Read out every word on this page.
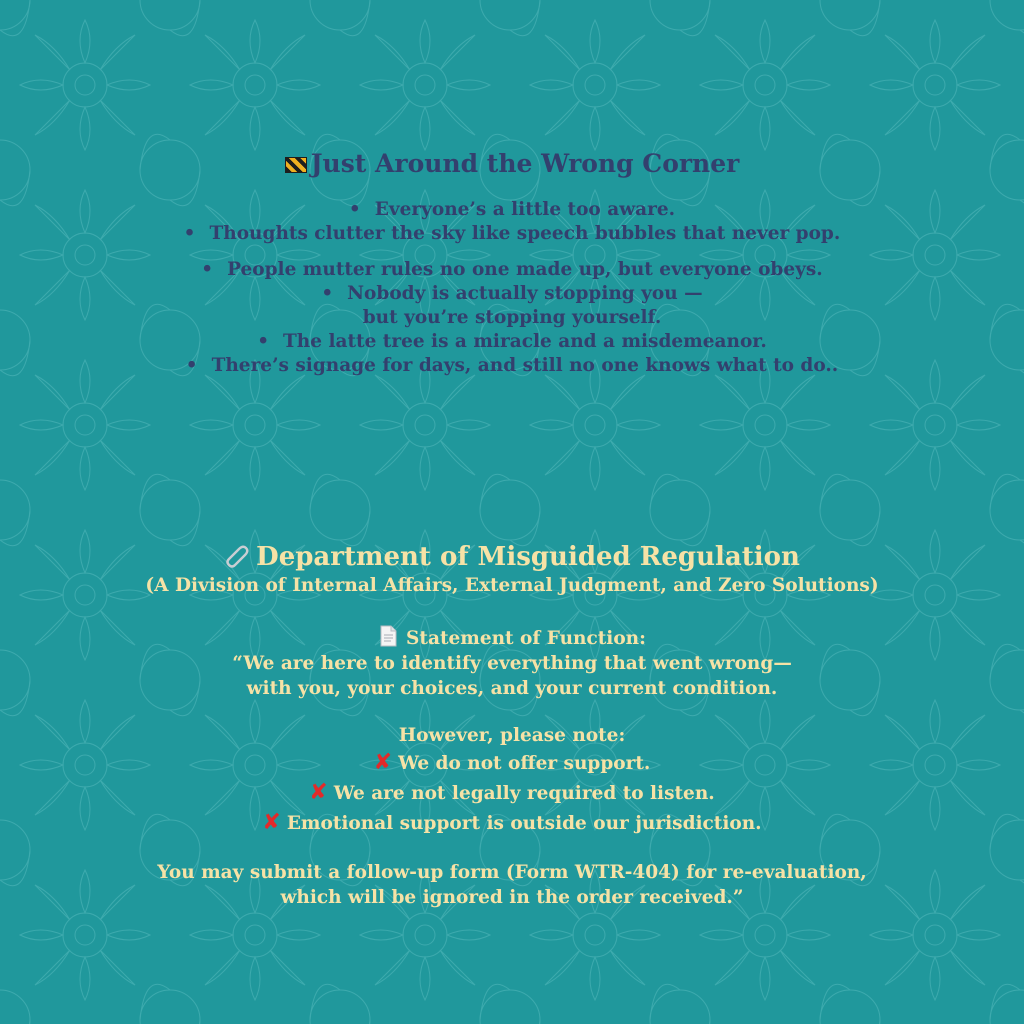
Just Around the Wrong Corner
• Everyone’s a little too aware.
• Thoughts clutter the sky like speech bubbles that never pop.
• People mutter rules no one made up, but everyone obeys.
• Nobody is actually stopping you —
but you’re stopping yourself.
• The latte tree is a miracle and a misdemeanor.
• There’s signage for days, and still no one knows what to do..
Department of Misguided Regulation
(A Division of Internal Affairs, External Judgment, and Zero Solutions)
Statement of Function:
“We are here to identify everything that went wrong—
with you, your choices, and your current condition.
However, please note:
✘ We do not offer support.
✘ We are not legally required to listen.
✘ Emotional support is outside our jurisdiction.
You may submit a follow-up form (Form WTR-404) for re-evaluation,
which will be ignored in the order received.”
